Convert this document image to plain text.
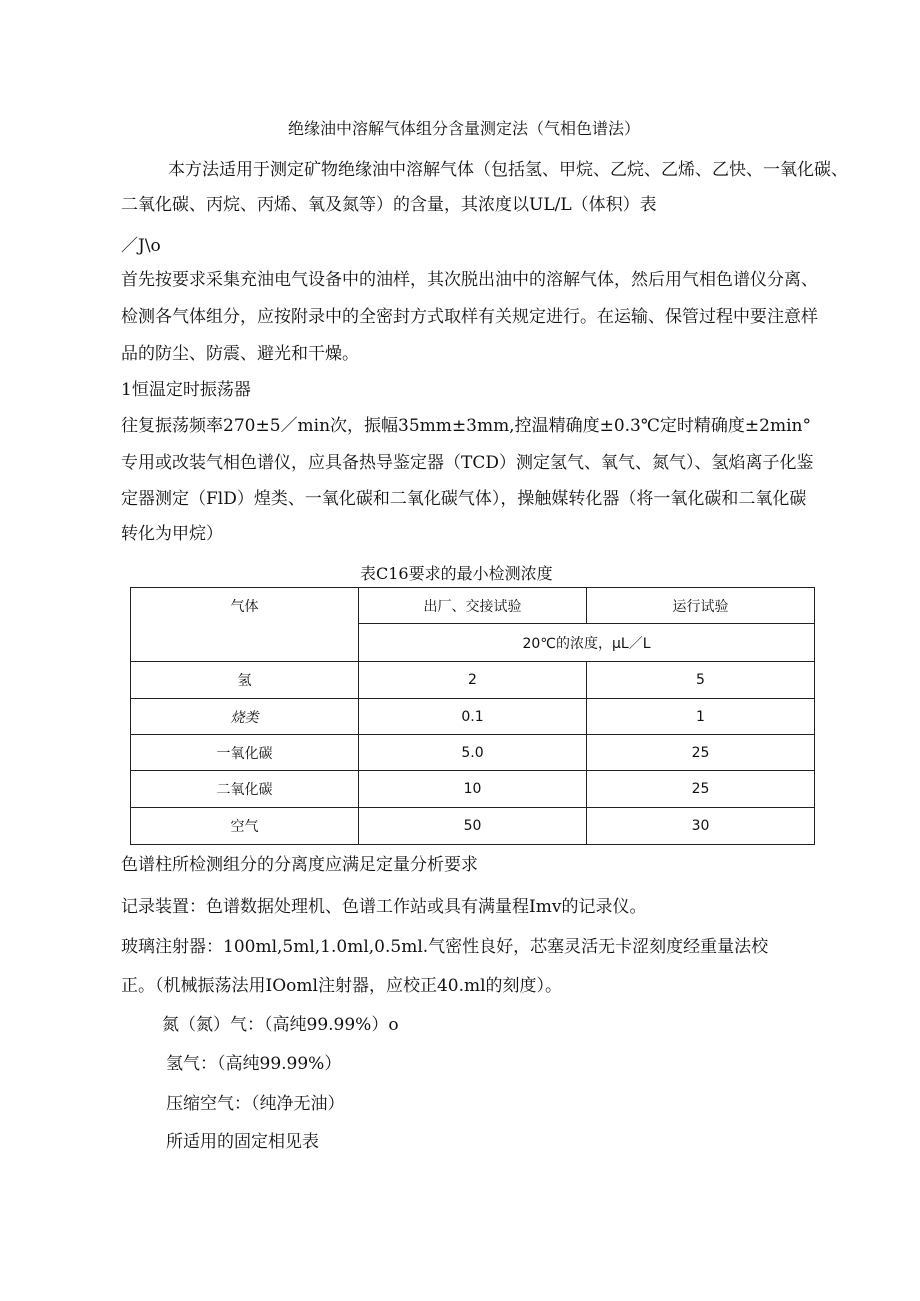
绝缘油中溶解气体组分含量测定法（气相色谱法）
本方法适用于测定矿物绝缘油中溶解气体（包括氢、甲烷、乙烷、乙烯、乙快、一氧化碳、
二氧化碳、丙烷、丙烯、氧及氮等）的含量，其浓度以UL/L（体积）表
／J\o
首先按要求采集充油电气设备中的油样，其次脱出油中的溶解气体，然后用气相色谱仪分离、
检测各气体组分，应按附录中的全密封方式取样有关规定进行。在运输、保管过程中要注意样
品的防尘、防震、避光和干燥。
1恒温定时振荡器
往复振荡频率270±5／min次，振幅35mm±3mm,控温精确度±0.3℃定时精确度±2min°
专用或改装气相色谱仪，应具备热导鉴定器（TCD）测定氢气、氧气、氮气）、氢焰离子化鉴
定器测定（FlD）煌类、一氧化碳和二氧化碳气体），操触媒转化器（将一氧化碳和二氧化碳
转化为甲烷）
表C16要求的最小检测浓度
气体	出厂、交接试验	运行试验
	20℃的浓度，μL／L	
氢	2	5
烧类	0.1	1
一氧化碳	5.0	25
二氧化碳	10	25
空气	50	30
色谱柱所检测组分的分离度应满足定量分析要求
记录装置：色谱数据处理机、色谱工作站或具有满量程Imv的记录仪。
玻璃注射器：100ml,5ml,1.0ml,0.5ml.气密性良好，芯塞灵活无卡涩刻度经重量法校
正。（机械振荡法用IOoml注射器，应校正40.ml的刻度）。
氮（氮）气：（高纯99.99%）o
氢气：（高纯99.99%）
压缩空气：（纯净无油）
所适用的固定相见表
